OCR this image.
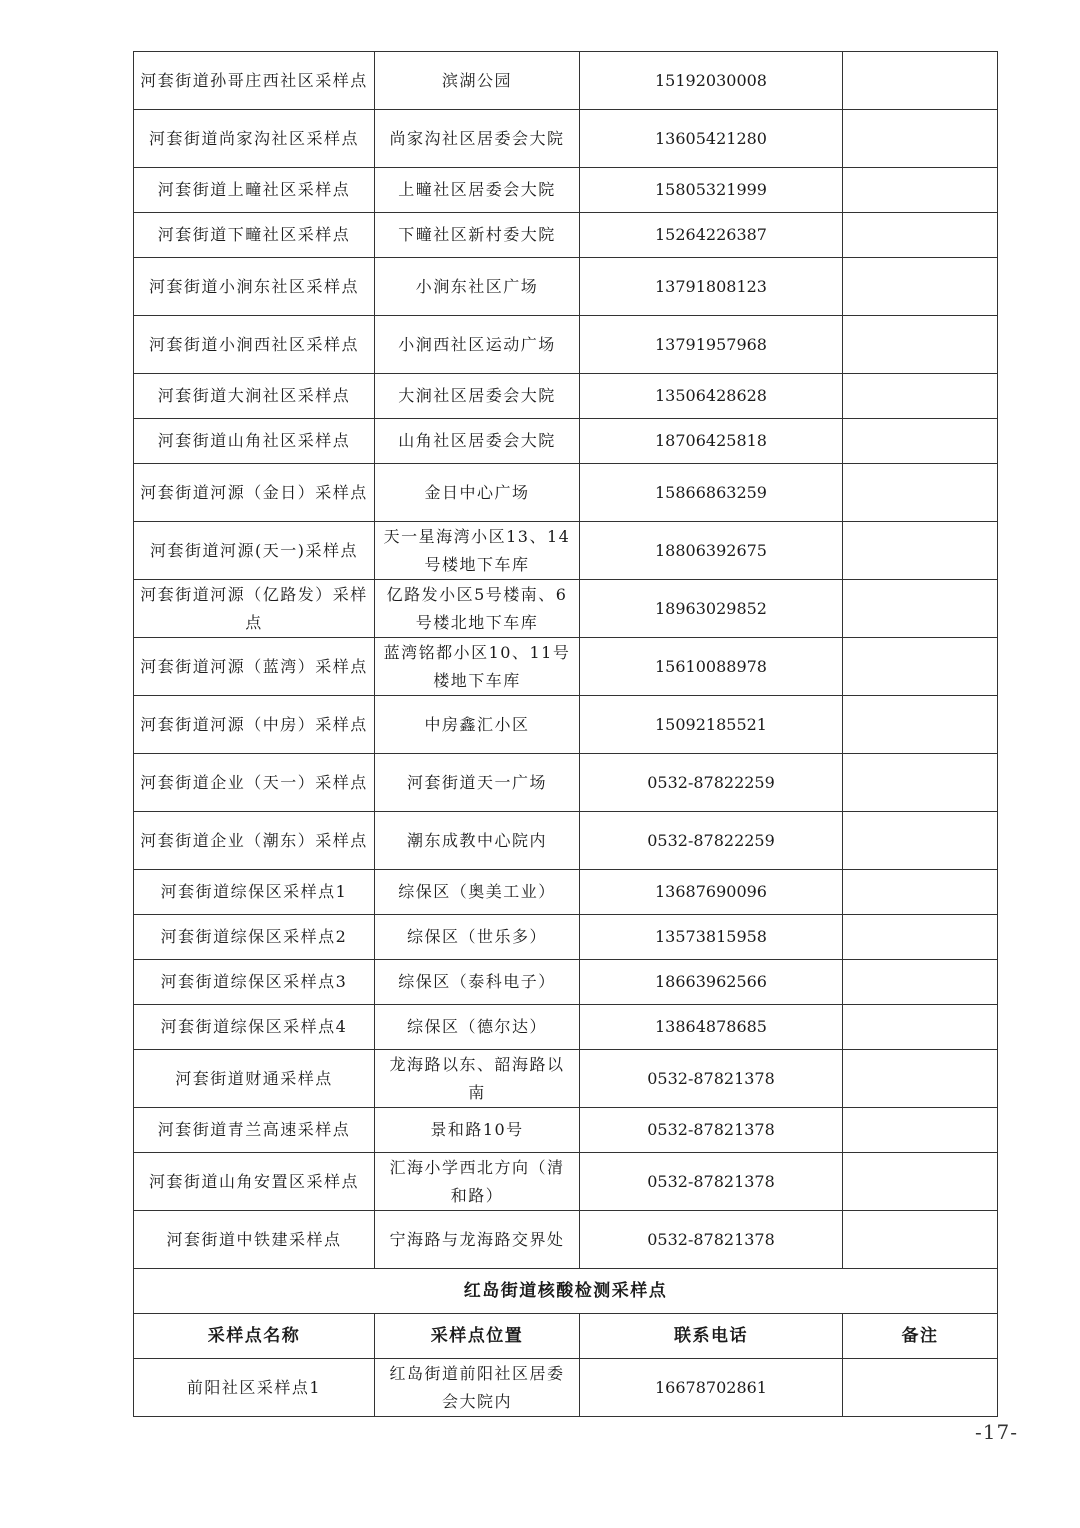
河套街道孙哥庄西社区采样点	滨湖公园	15192030008	
河套街道尚家沟社区采样点	尚家沟社区居委会大院	13605421280	
河套街道上疃社区采样点	上疃社区居委会大院	15805321999	
河套街道下疃社区采样点	下疃社区新村委大院	15264226387	
河套街道小涧东社区采样点	小涧东社区广场	13791808123	
河套街道小涧西社区采样点	小涧西社区运动广场	13791957968	
河套街道大涧社区采样点	大涧社区居委会大院	13506428628	
河套街道山角社区采样点	山角社区居委会大院	18706425818	
河套街道河源（金日）采样点	金日中心广场	15866863259	
河套街道河源(天一)采样点	天一星海湾小区13、14号楼地下车库	18806392675	
河套街道河源（亿路发）采样点	亿路发小区5号楼南、6号楼北地下车库	18963029852	
河套街道河源（蓝湾）采样点	蓝湾铭都小区10、11号楼地下车库	15610088978	
河套街道河源（中房）采样点	中房鑫汇小区	15092185521	
河套街道企业（天一）采样点	河套街道天一广场	0532-87822259	
河套街道企业（潮东）采样点	潮东成教中心院内	0532-87822259	
河套街道综保区采样点1	综保区（奥美工业）	13687690096	
河套街道综保区采样点2	综保区（世乐多）	13573815958	
河套街道综保区采样点3	综保区（泰科电子）	18663962566	
河套街道综保区采样点4	综保区（德尔达）	13864878685	
河套街道财通采样点	龙海路以东、韶海路以南	0532-87821378	
河套街道青兰高速采样点	景和路10号	0532-87821378	
河套街道山角安置区采样点	汇海小学西北方向（清和路）	0532-87821378	
河套街道中铁建采样点	宁海路与龙海路交界处	0532-87821378	
红岛街道核酸检测采样点			
采样点名称	采样点位置	联系电话	备注
前阳社区采样点1	红岛街道前阳社区居委会大院内	16678702861	
-17-
